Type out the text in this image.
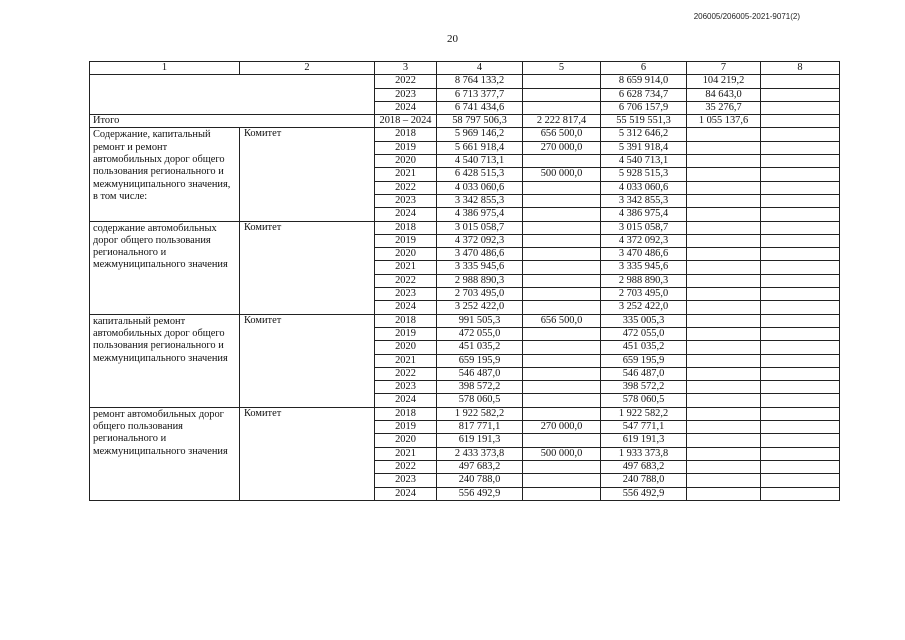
206005/206005-2021-9071(2)
20
1	2	3	4	5	6	7	8
		2022	8 764 133,2		8 659 914,0	104 219,2	
		2023	6 713 377,7		6 628 734,7	84 643,0	
		2024	6 741 434,6		6 706 157,9	35 276,7	
Итого		2018 – 2024	58 797 506,3	2 222 817,4	55 519 551,3	1 055 137,6	
Содержание, капитальный ремонт и ремонт автомобильных дорог общего пользования регионального и межмуниципального значения, в том числе:	Комитет	2018	5 969 146,2	656 500,0	5 312 646,2		
		2019	5 661 918,4	270 000,0	5 391 918,4		
		2020	4 540 713,1		4 540 713,1		
		2021	6 428 515,3	500 000,0	5 928 515,3		
		2022	4 033 060,6		4 033 060,6		
		2023	3 342 855,3		3 342 855,3		
		2024	4 386 975,4		4 386 975,4		
содержание автомобильных дорог общего пользования регионального и межмуниципального значения	Комитет	2018	3 015 058,7		3 015 058,7		
		2019	4 372 092,3		4 372 092,3		
		2020	3 470 486,6		3 470 486,6		
		2021	3 335 945,6		3 335 945,6		
		2022	2 988 890,3		2 988 890,3		
		2023	2 703 495,0		2 703 495,0		
		2024	3 252 422,0		3 252 422,0		
капитальный ремонт автомобильных дорог общего пользования регионального и межмуниципального значения	Комитет	2018	991 505,3	656 500,0	335 005,3		
		2019	472 055,0		472 055,0		
		2020	451 035,2		451 035,2		
		2021	659 195,9		659 195,9		
		2022	546 487,0		546 487,0		
		2023	398 572,2		398 572,2		
		2024	578 060,5		578 060,5		
ремонт автомобильных дорог общего пользования регионального и межмуниципального значения	Комитет	2018	1 922 582,2		1 922 582,2		
		2019	817 771,1	270 000,0	547 771,1		
		2020	619 191,3		619 191,3		
		2021	2 433 373,8	500 000,0	1 933 373,8		
		2022	497 683,2		497 683,2		
		2023	240 788,0		240 788,0		
		2024	556 492,9		556 492,9		
